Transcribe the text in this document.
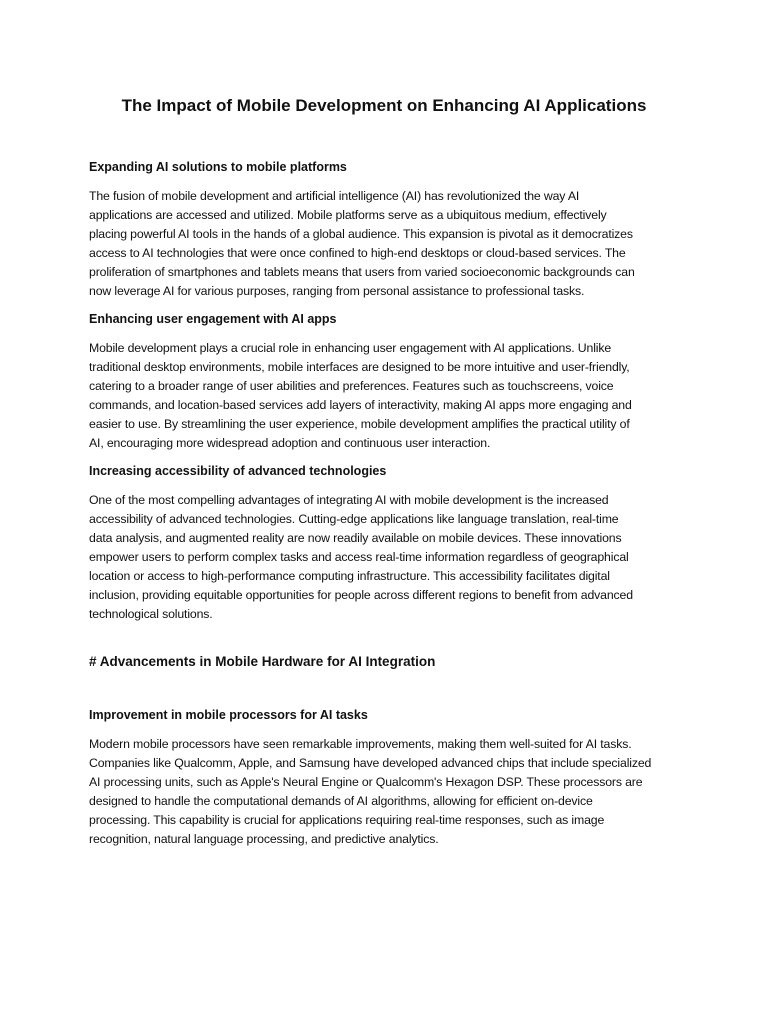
The Impact of Mobile Development on Enhancing AI Applications
Expanding AI solutions to mobile platforms
The fusion of mobile development and artificial intelligence (AI) has revolutionized the way AI
applications are accessed and utilized. Mobile platforms serve as a ubiquitous medium, effectively
placing powerful AI tools in the hands of a global audience. This expansion is pivotal as it democratizes
access to AI technologies that were once confined to high-end desktops or cloud-based services. The
proliferation of smartphones and tablets means that users from varied socioeconomic backgrounds can
now leverage AI for various purposes, ranging from personal assistance to professional tasks.
Enhancing user engagement with AI apps
Mobile development plays a crucial role in enhancing user engagement with AI applications. Unlike
traditional desktop environments, mobile interfaces are designed to be more intuitive and user-friendly,
catering to a broader range of user abilities and preferences. Features such as touchscreens, voice
commands, and location-based services add layers of interactivity, making AI apps more engaging and
easier to use. By streamlining the user experience, mobile development amplifies the practical utility of
AI, encouraging more widespread adoption and continuous user interaction.
Increasing accessibility of advanced technologies
One of the most compelling advantages of integrating AI with mobile development is the increased
accessibility of advanced technologies. Cutting-edge applications like language translation, real-time
data analysis, and augmented reality are now readily available on mobile devices. These innovations
empower users to perform complex tasks and access real-time information regardless of geographical
location or access to high-performance computing infrastructure. This accessibility facilitates digital
inclusion, providing equitable opportunities for people across different regions to benefit from advanced
technological solutions.
# Advancements in Mobile Hardware for AI Integration
Improvement in mobile processors for AI tasks
Modern mobile processors have seen remarkable improvements, making them well-suited for AI tasks.
Companies like Qualcomm, Apple, and Samsung have developed advanced chips that include specialized
AI processing units, such as Apple's Neural Engine or Qualcomm's Hexagon DSP. These processors are
designed to handle the computational demands of AI algorithms, allowing for efficient on-device
processing. This capability is crucial for applications requiring real-time responses, such as image
recognition, natural language processing, and predictive analytics.
